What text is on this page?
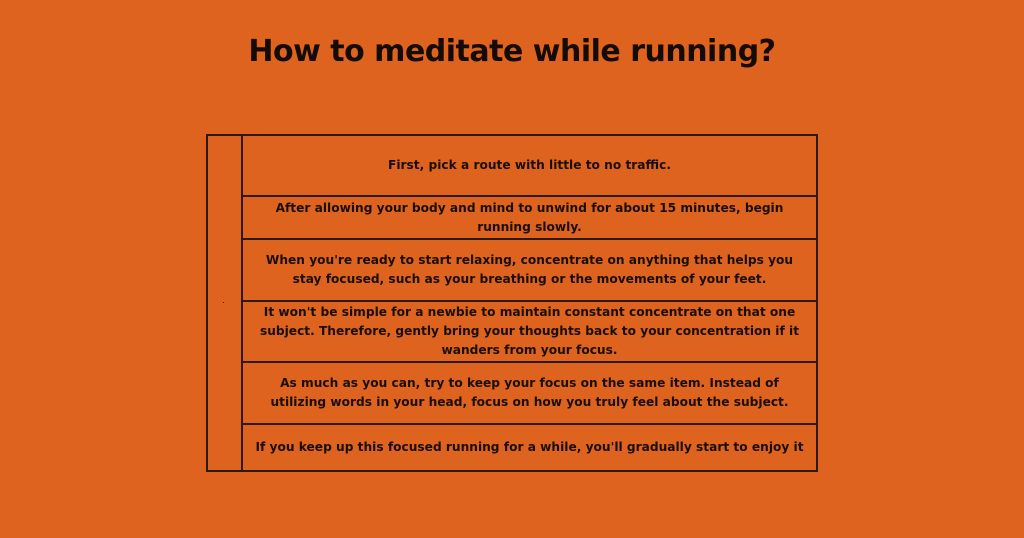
How to meditate while running?
First, pick a route with little to no traffic.
After allowing your body and mind to unwind for about 15 minutes, begin running slowly.
When you're ready to start relaxing, concentrate on anything that helps you stay focused, such as your breathing or the movements of your feet.
It won't be simple for a newbie to maintain constant concentrate on that one subject. Therefore, gently bring your thoughts back to your concentration if it wanders from your focus.
As much as you can, try to keep your focus on the same item. Instead of utilizing words in your head, focus on how you truly feel about the subject.
If you keep up this focused running for a while, you'll gradually start to enjoy it
